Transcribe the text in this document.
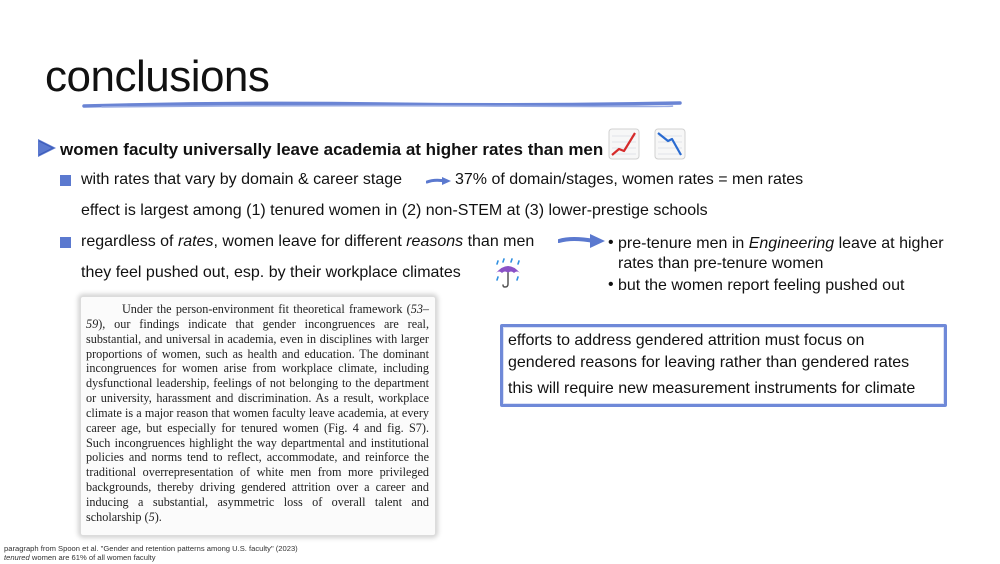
conclusions
women faculty universally leave academia at higher rates than men
with rates that vary by domain & career stage	37% of domain/stages, women rates = men rates
effect is largest among (1) tenured women in (2) non-STEM at (3) lower-prestige schools
regardless of rates, women leave for different reasons than men
they feel pushed out, esp. by their workplace climates
• pre-tenure men in Engineering leave at higher
rates than pre-tenure women
• but the women report feeling pushed out
Under the person-environment fit theoretical framework (53–59), our findings indicate that gender incongruences are real, substantial, and universal in academia, even in disciplines with larger proportions of women, such as health and education. The dominant incongruences for women arise from workplace climate, including dysfunctional leadership, feelings of not belonging to the department or university, harassment and discrimination. As a result, workplace climate is a major reason that women faculty leave academia, at every career age, but especially for tenured women (Fig. 4 and fig. S7). Such incongruences highlight the way departmental and institutional policies and norms tend to reflect, accommodate, and reinforce the traditional overrepresentation of white men from more privileged backgrounds, thereby driving gendered attrition over a career and inducing a substantial, asymmetric loss of overall talent and scholarship (5).
efforts to address gendered attrition must focus on
gendered reasons for leaving rather than gendered rates
this will require new measurement instruments for climate
paragraph from Spoon et al. "Gender and retention patterns among U.S. faculty" (2023)
tenured women are 61% of all women faculty
